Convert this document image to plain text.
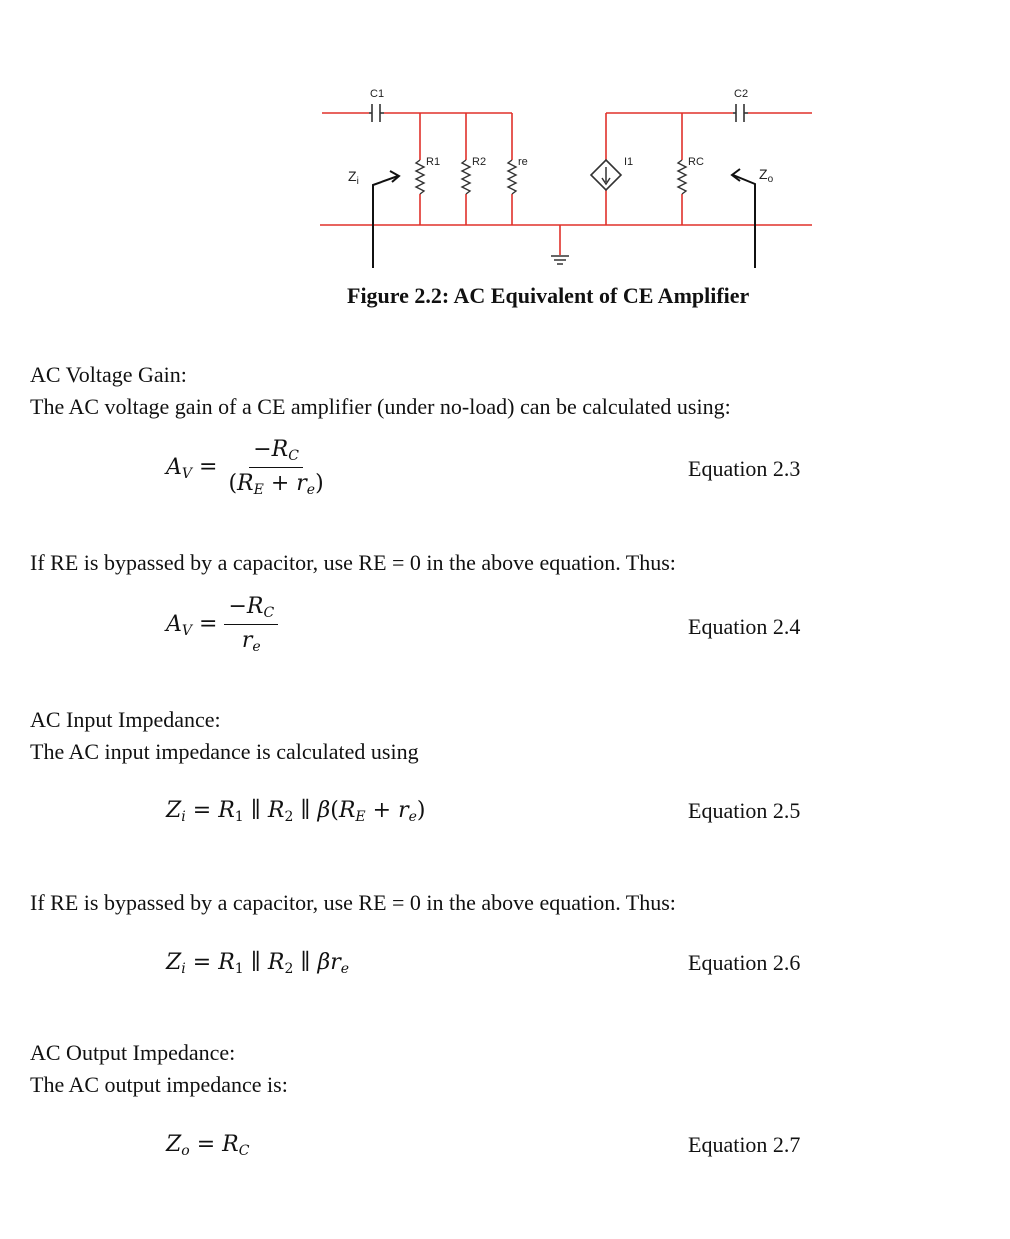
C1	C2
R1	R2	re	I1	RC
$Z_i$	$Z_o$
Figure 2.2: AC Equivalent of CE Amplifier
AC Voltage Gain:
The AC voltage gain of a CE amplifier (under no-load) can be calculated using:
$A_V = \frac{-R_C}{(R_E + r_e)}$	Equation 2.3
If RE is bypassed by a capacitor, use RE = 0 in the above equation. Thus:
$A_V = \frac{-R_C}{r_e}$	Equation 2.4
AC Input Impedance:
The AC input impedance is calculated using
$Z_i = R_1$ ∥ $R_2$ ∥ $\beta(R_E + r_e)$	Equation 2.5
If RE is bypassed by a capacitor, use RE = 0 in the above equation. Thus:
$Z_i = R_1$ ∥ $R_2$ ∥ $\beta r_e$	Equation 2.6
AC Output Impedance:
The AC output impedance is:
$Z_o = R_C$	Equation 2.7
